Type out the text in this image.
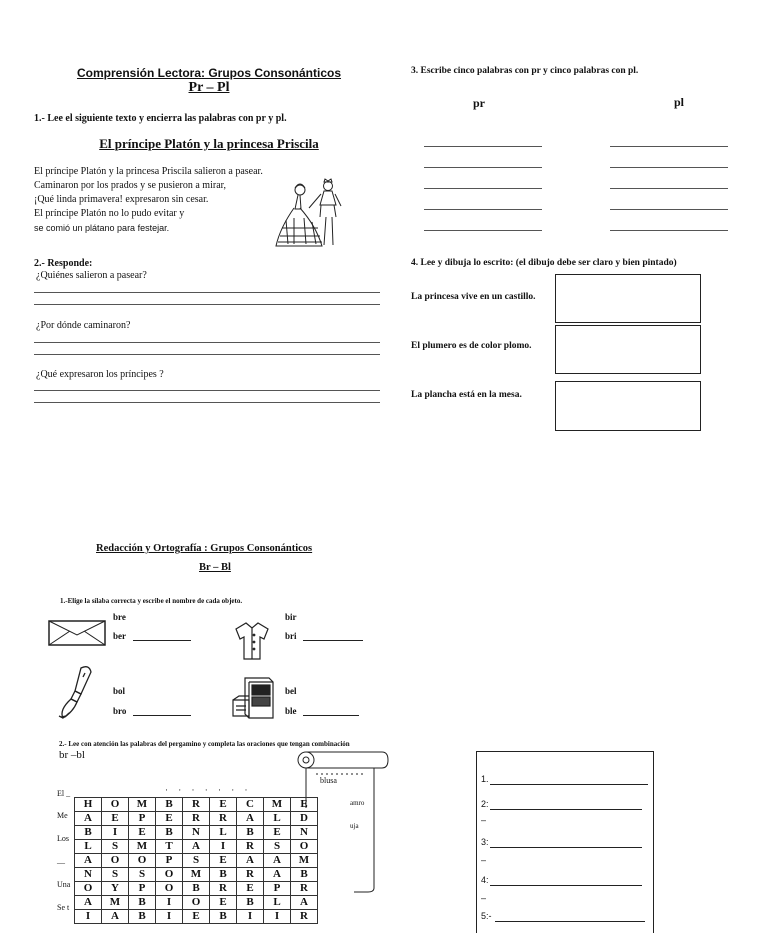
Comprensión Lectora: Grupos Consonánticos
Pr – Pl
1.- Lee el siguiente texto y encierra las palabras con pr y pl.
El príncipe Platón y la princesa Priscila
El príncipe Platón y la princesa Priscila salieron a pasear.
Caminaron por los prados y se pusieron a mirar,
¡Qué linda primavera! expresaron sin cesar.
El príncipe Platón no lo pudo evitar y
se comió un plátano para festejar.
2.- Responde:
¿Quiénes salieron a pasear?
¿Por dónde caminaron?
¿Qué expresaron los príncipes ?
3. Escribe cinco palabras con pr y cinco palabras con pl.
pr	pl
4. Lee y dibuja lo escrito: (el dibujo debe ser claro y bien pintado)
La princesa vive en un castillo.
El plumero es de color plomo.
La plancha está en la mesa.
Redacción y Ortografía : Grupos Consonánticos
Br – Bl
1.-Elige la sílaba correcta y escribe el nombre de cada objeto.
bre
ber
bir
bri
bol
bro
bel
ble
2.- Lee con atención las palabras del pergamino y completa las oraciones que tengan combinación
br –bl
blusa
· · · · · · ·
El _
Me
Los
__
Una
Se t
H	O	M	B	R	E	C	M	E
A	E	P	E	R	R	A	L	D
B	I	E	B	N	L	B	E	N
L	S	M	T	A	I	R	S	O
A	O	O	P	S	E	A	A	M
N	S	S	O	M	B	R	A	B
O	Y	P	O	B	R	E	P	R
A	M	B	I	O	E	B	L	A
I	A	B	I	E	B	I	I	R
amro
uja
1.
2:
–
3:
–
4:
–
5:-
